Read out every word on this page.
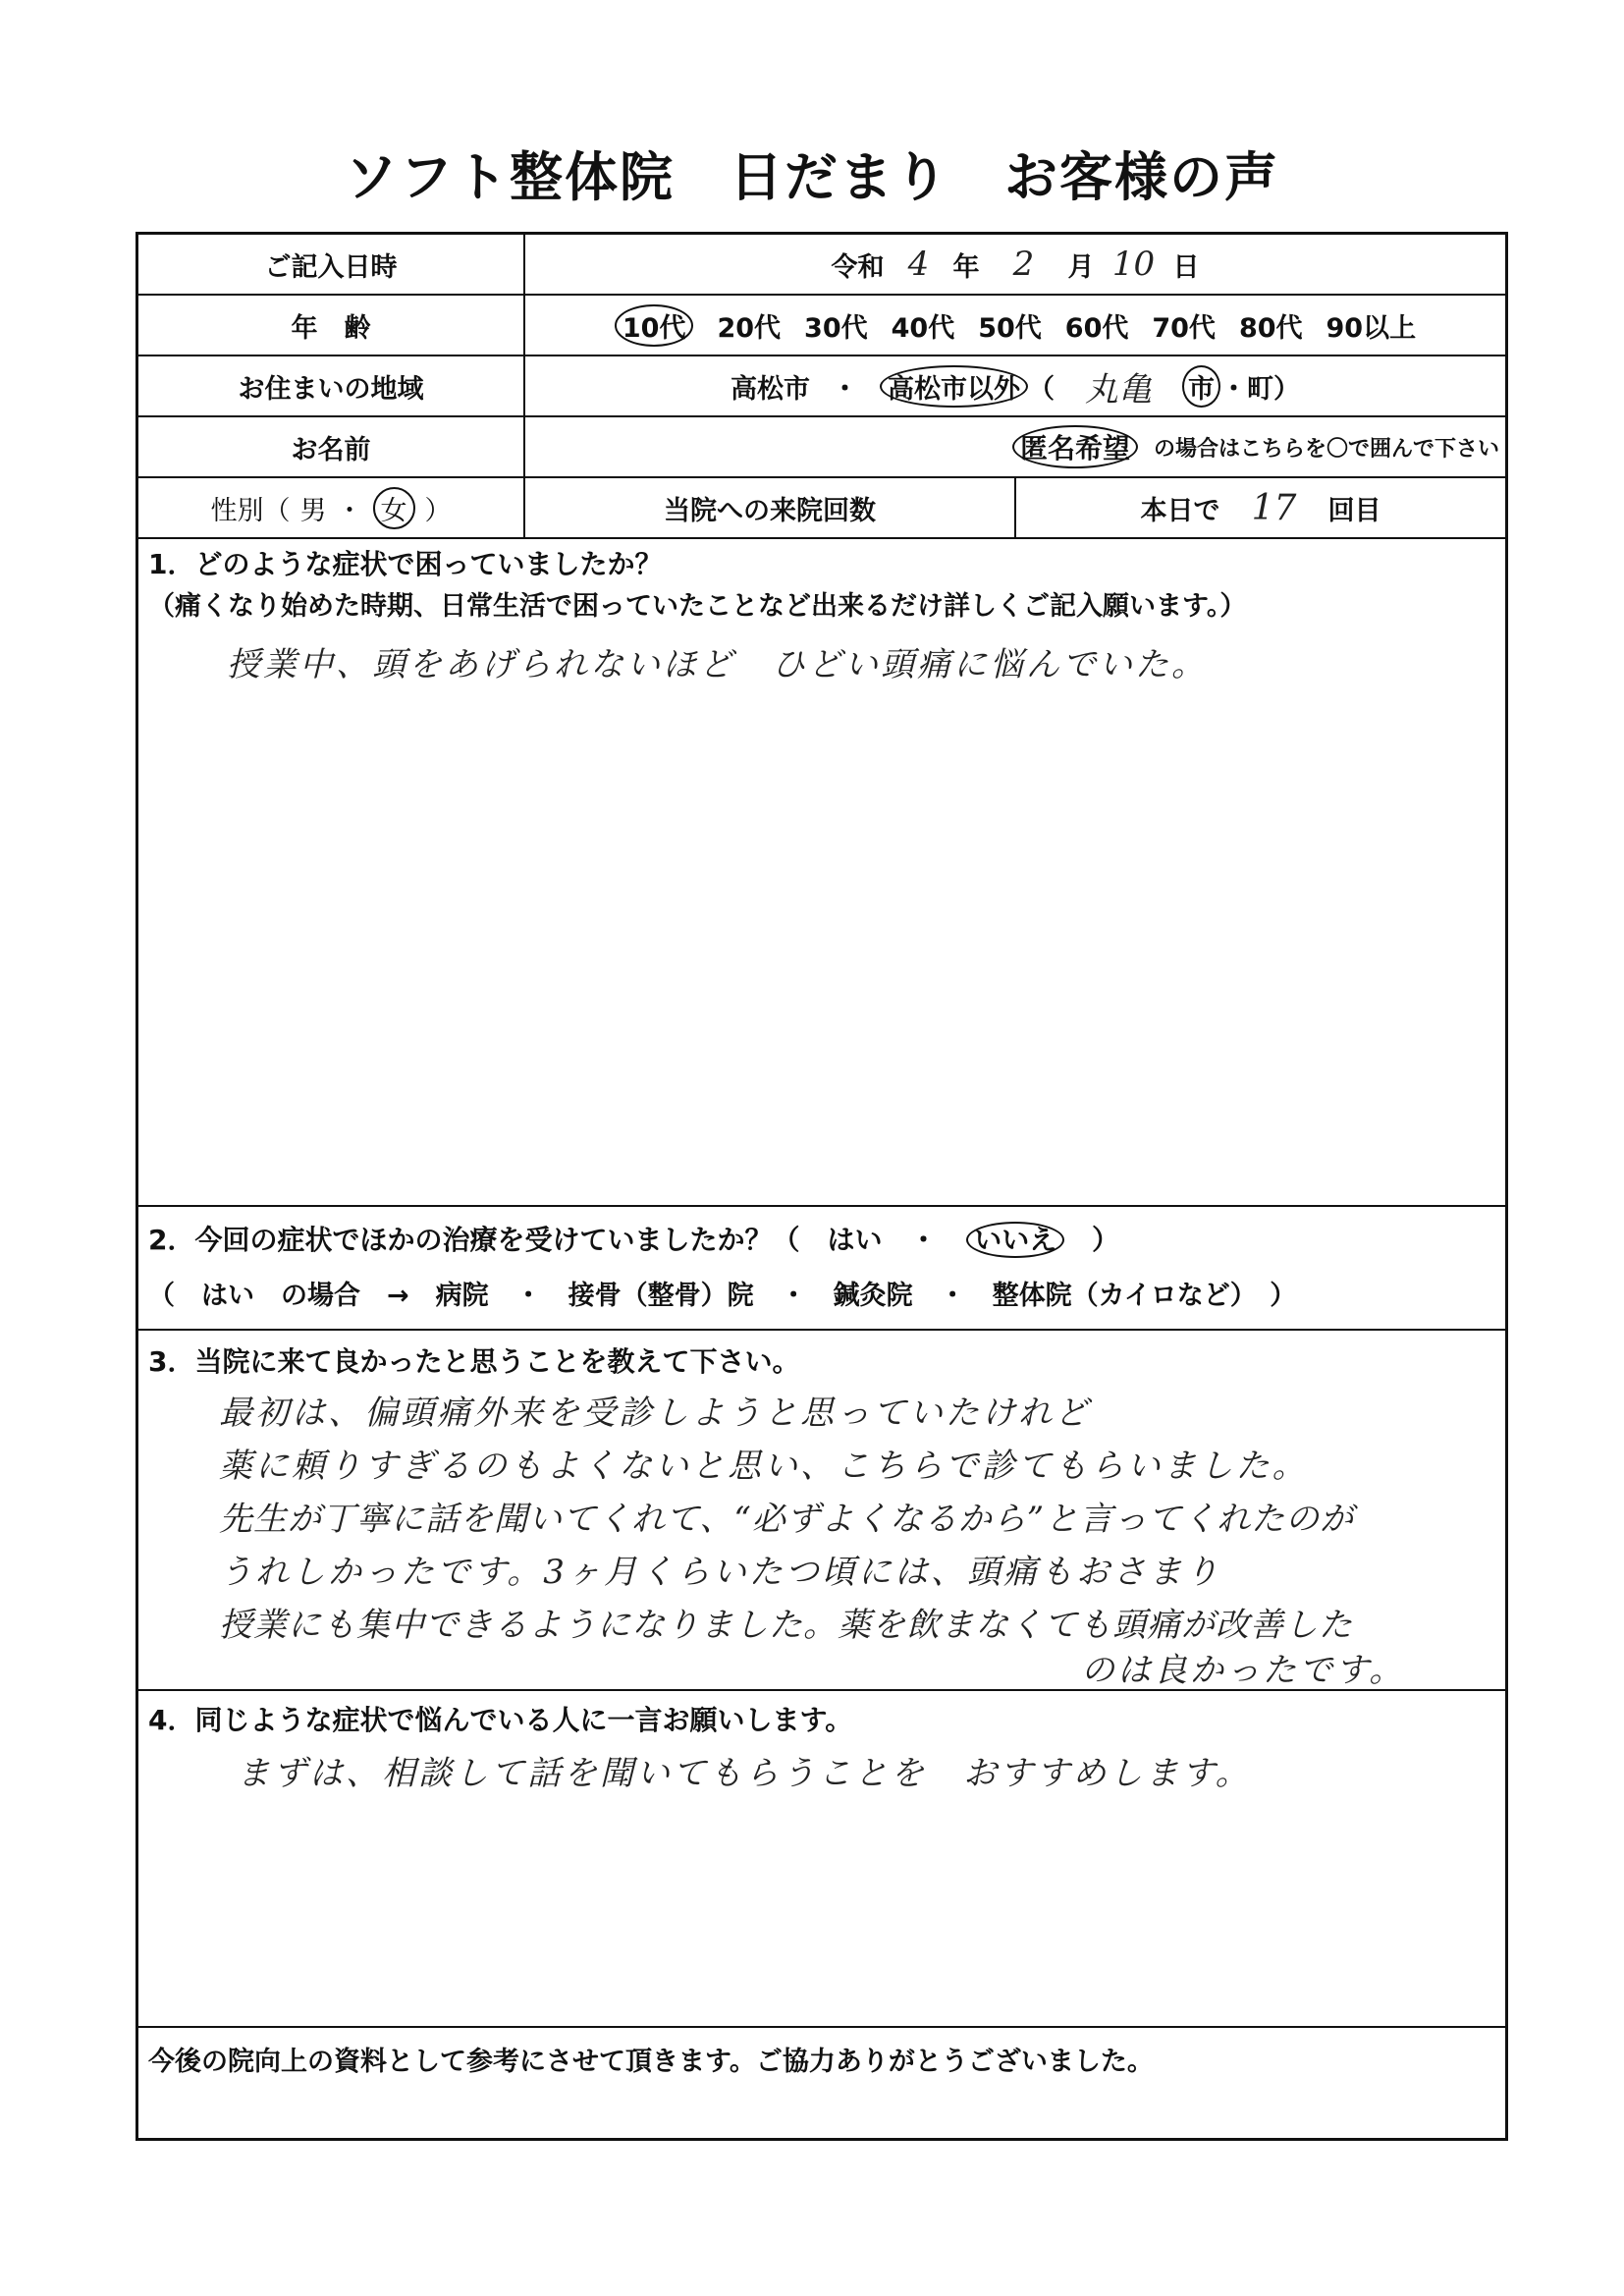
ソフト整体院　日だまり　お客様の声
ご記入日時	令和 4 年	2	月 10 日
年　齢	10代 20代 30代 40代 50代 60代 70代 80代 90以上
お住まいの地域	高松市 ・ 高松市以外 （ 丸亀	市 ・ 町 ）
お名前	匿名希望	の場合はこちらを〇で囲んで下さい
性別（ 男 ・ 女 ）	当院への来院回数	本日で 17	回目
1．どのような症状で困っていましたか？
（痛くなり始めた時期、日常生活で困っていたことなど出来るだけ詳しくご記入願います。）
授業中、頭をあげられないほど　ひどい頭痛に悩んでいた。
2．今回の症状でほかの治療を受けていましたか？（　はい　・ いいえ ）
（　はい　の場合　→　病院　・　接骨（整骨）院　・　鍼灸院　・　整体院（カイロなど）　）
3．当院に来て良かったと思うことを教えて下さい。
最初は、偏頭痛外来を受診しようと思っていたけれど
薬に頼りすぎるのもよくないと思い、こちらで診てもらいました。
先生が丁寧に話を聞いてくれて、“必ずよくなるから”と言ってくれたのが
うれしかったです。3ヶ月くらいたつ頃には、頭痛もおさまり
授業にも集中できるようになりました。薬を飲まなくても頭痛が改善した
のは良かったです。
4．同じような症状で悩んでいる人に一言お願いします。
まずは、相談して話を聞いてもらうことを　おすすめします。
今後の院向上の資料として参考にさせて頂きます。ご協力ありがとうございました。
